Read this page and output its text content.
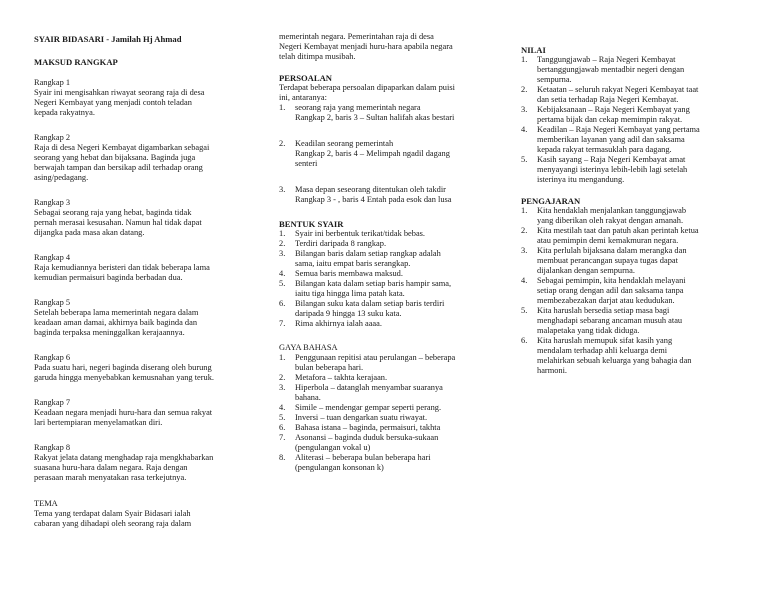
SYAIR BIDASARI - Jamilah Hj Ahmad

MAKSUD RANGKAP

Rangkap 1

Syair ini mengisahkan riwayat seorang raja di desa

Negeri Kembayat yang menjadi contoh teladan

kepada rakyatnya.

Rangkap 2

Raja di desa Negeri Kembayat digambarkan sebagai

seorang yang hebat dan bijaksana. Baginda juga

berwajah tampan dan bersikap adil terhadap orang

asing/pedagang.

Rangkap 3

Sebagai seorang raja yang hebat, baginda tidak

pernah merasai kesusahan. Namun hal tidak dapat

dijangka pada masa akan datang.

Rangkap 4

Raja kemudiannya beristeri dan tidak beberapa lama

kemudian permaisuri baginda berbadan dua.

Rangkap 5

Setelah beberapa lama memerintah negara dalam

keadaan aman damai, akhirnya baik baginda dan

baginda terpaksa meninggalkan kerajaannya.

Rangkap 6

Pada suatu hari, negeri baginda diserang oleh burung

garuda hingga menyebabkan kemusnahan yang teruk.

Rangkap 7

Keadaan negara menjadi huru-hara dan semua rakyat

lari bertempiaran menyelamatkan diri.

Rangkap 8

Rakyat jelata datang menghadap raja mengkhabarkan

suasana huru-hara dalam negara. Raja dengan

perasaan marah menyatakan rasa terkejutnya.

TEMA

Tema yang terdapat dalam Syair Bidasari ialah

cabaran yang dihadapi oleh seorang raja dalam

memerintah negara. Pemerintahan raja di desa

Negeri Kembayat menjadi huru-hara apabila negara

telah ditimpa musibah.

PERSOALAN

Terdapat beberapa persoalan dipaparkan dalam puisi

ini, antaranya:

1. seorang raja yang memerintah negara

Rangkap 2, baris 3 – Sultan halifah akas bestari

2. Keadilan seorang pemerintah

Rangkap 2, baris 4 – Melimpah ngadil dagang

senteri

3. Masa depan seseorang ditentukan oleh takdir

Rangkap 3 - , baris 4 Entah pada esok dan lusa

BENTUK SYAIR

1. Syair ini berbentuk terikat/tidak bebas.

2. Terdiri daripada 8 rangkap.

3. Bilangan baris dalam setiap rangkap adalah

sama, iaitu empat baris serangkap.

4. Semua baris membawa maksud.

5. Bilangan kata dalam setiap baris hampir sama,

iaitu tiga hingga lima patah kata.

6. Bilangan suku kata dalam setiap baris terdiri

daripada 9 hingga 13 suku kata.

7. Rima akhirnya ialah aaaa.

GAYA BAHASA

1. Penggunaan repitisi atau perulangan – beberapa

bulan beberapa hari.

2. Metafora – takhta kerajaan.

3. Hiperbola – datanglah menyambar suaranya

bahana.

4. Simile – mendengar gempar seperti perang.

5. Inversi – tuan dengarkan suatu riwayat.

6. Bahasa istana – baginda, permaisuri, takhta

7. Asonansi – baginda duduk bersuka-sukaan

(pengulangan vokal u)

8. Aliterasi – beberapa bulan beberapa hari

(pengulangan konsonan k)

NILAI

1. Tanggungjawab – Raja Negeri Kembayat

bertanggungjawab mentadbir negeri dengan

sempurna.

2. Ketaatan – seluruh rakyat Negeri Kembayat taat

dan setia terhadap Raja Negeri Kembayat.

3. Kebijaksanaan – Raja Negeri Kembayat yang

pertama bijak dan cekap memimpin rakyat.

4. Keadilan – Raja Negeri Kembayat yang pertama

memberikan layanan yang adil dan saksama

kepada rakyat termasuklah para dagang.

5. Kasih sayang – Raja Negeri Kembayat amat

menyayangi isterinya lebih-lebih lagi setelah

isterinya itu mengandung.

PENGAJARAN

1. Kita hendaklah menjalankan tanggungjawab

yang diberikan oleh rakyat dengan amanah.

2. Kita mestilah taat dan patuh akan perintah ketua

atau pemimpin demi kemakmuran negara.

3. Kita perlulah bijaksana dalam merangka dan

membuat perancangan supaya tugas dapat

dijalankan dengan sempurna.

4. Sebagai pemimpin, kita hendaklah melayani

setiap orang dengan adil dan saksama tanpa

membezabezakan darjat atau kedudukan.

5. Kita haruslah bersedia setiap masa bagi

menghadapi sebarang ancaman musuh atau

malapetaka yang tidak diduga.

6. Kita haruslah memupuk sifat kasih yang

mendalam terhadap ahli keluarga demi

melahirkan sebuah keluarga yang bahagia dan

harmoni.
